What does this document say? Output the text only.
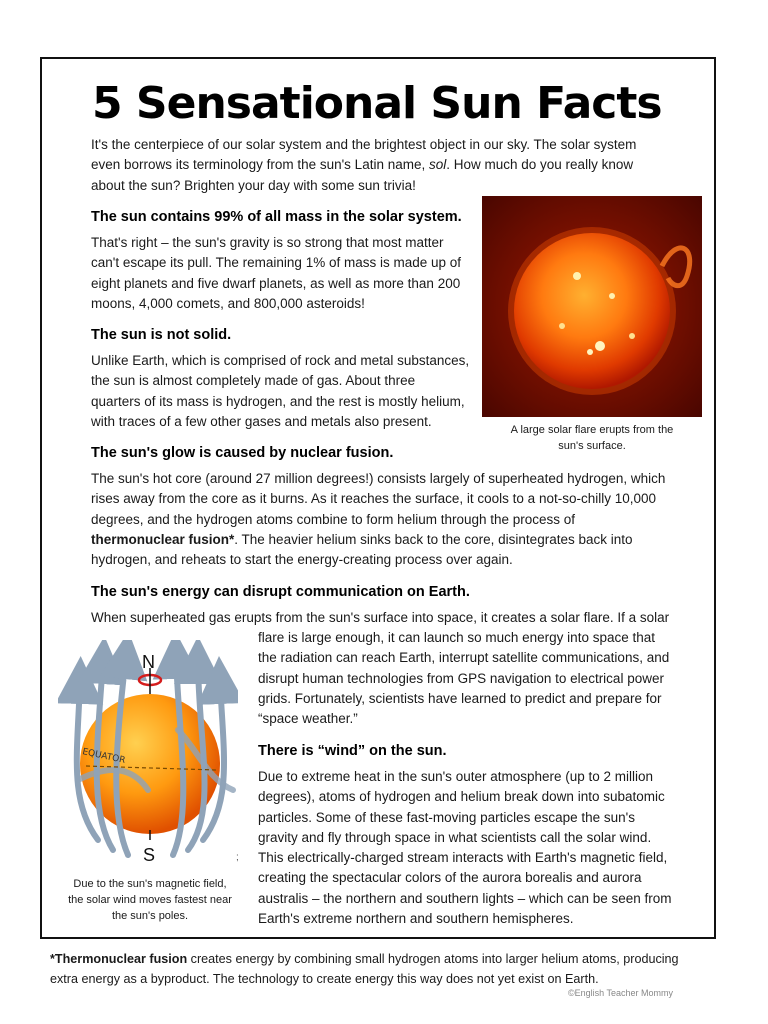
5 Sensational Sun Facts
It's the centerpiece of our solar system and the brightest object in our sky. The solar system
even borrows its terminology from the sun's Latin name, sol. How much do you really know
about the sun? Brighten your day with some sun trivia!
The sun contains 99% of all mass in the solar system.
That's right – the sun's gravity is so strong that most matter
can't escape its pull. The remaining 1% of mass is made up of
eight planets and five dwarf planets, as well as more than 200
moons, 4,000 comets, and 800,000 asteroids!
The sun is not solid.
Unlike Earth, which is comprised of rock and metal substances,
the sun is almost completely made of gas. About three
quarters of its mass is hydrogen, and the rest is mostly helium,
with traces of a few other gases and metals also present.
A large solar flare erupts from the
sun's surface.
The sun's glow is caused by nuclear fusion.
The sun's hot core (around 27 million degrees!) consists largely of superheated hydrogen, which
rises away from the core as it burns. As it reaches the surface, it cools to a not-so-chilly 10,000
degrees, and the hydrogen atoms combine to form helium through the process of
thermonuclear fusion*. The heavier helium sinks back to the core, disintegrates back into
hydrogen, and reheats to start the energy-creating process over again.
The sun's energy can disrupt communication on Earth.
When superheated gas erupts from the sun's surface into space, it creates a solar flare. If a solar
flare is large enough, it can launch so much energy into space that
the radiation can reach Earth, interrupt satellite communications, and
disrupt human technologies from GPS navigation to electrical power
grids. Fortunately, scientists have learned to predict and prepare for
“space weather.”
EQUATOR
N
S	;
Due to the sun's magnetic field,
the solar wind moves fastest near
the sun's poles.
There is “wind” on the sun.
Due to extreme heat in the sun's outer atmosphere (up to 2 million
degrees), atoms of hydrogen and helium break down into subatomic
particles. Some of these fast-moving particles escape the sun's
gravity and fly through space in what scientists call the solar wind.
This electrically-charged stream interacts with Earth's magnetic field,
creating the spectacular colors of the aurora borealis and aurora
australis – the northern and southern lights – which can be seen from
Earth's extreme northern and southern hemispheres.
*Thermonuclear fusion creates energy by combining small hydrogen atoms into larger helium atoms, producing
extra energy as a byproduct. The technology to create energy this way does not yet exist on Earth.
©English Teacher Mommy
